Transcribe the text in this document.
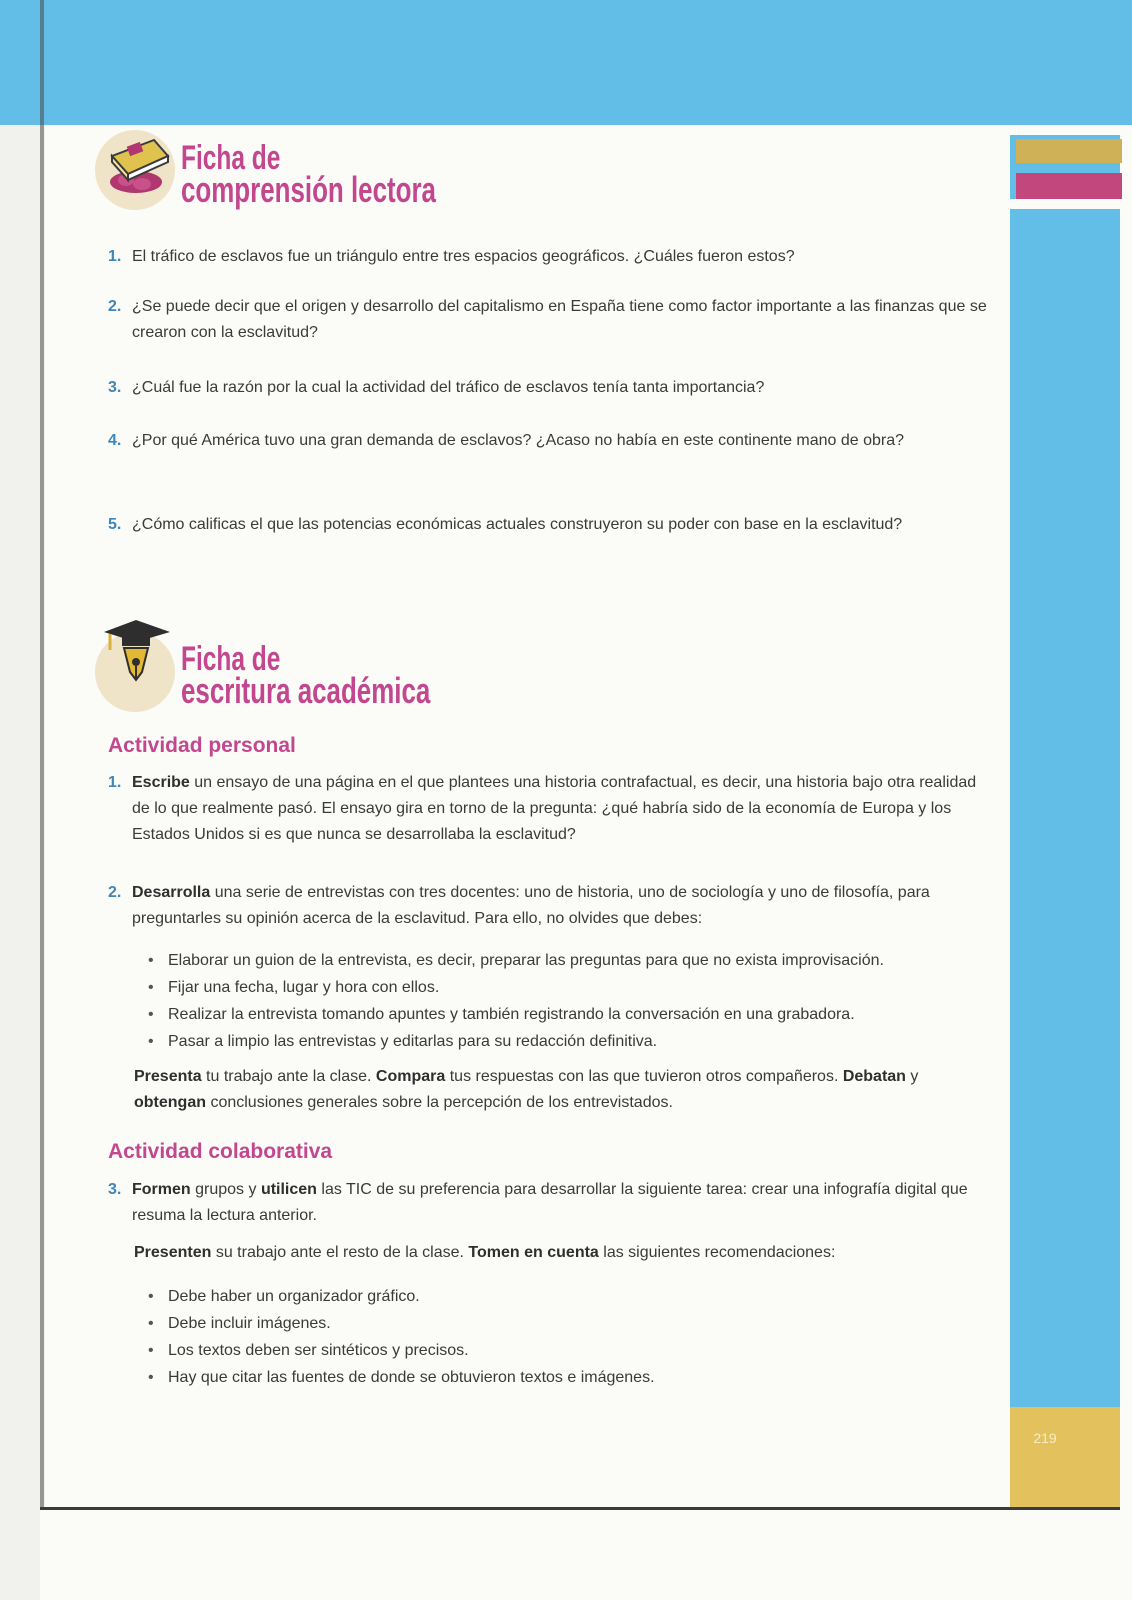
219
Ficha de
comprensión lectora
1. El tráfico de esclavos fue un triángulo entre tres espacios geográficos. ¿Cuáles fueron estos?
2. ¿Se puede decir que el origen y desarrollo del capitalismo en España tiene como factor importante a las finanzas que se crearon con la esclavitud?
3. ¿Cuál fue la razón por la cual la actividad del tráfico de esclavos tenía tanta importancia?
4. ¿Por qué América tuvo una gran demanda de esclavos? ¿Acaso no había en este continente mano de obra?
5. ¿Cómo calificas el que las potencias económicas actuales construyeron su poder con base en la esclavitud?
Ficha de
escritura académica
Actividad personal
1. Escribe un ensayo de una página en el que plantees una historia contrafactual, es decir, una historia bajo otra realidad de lo que realmente pasó. El ensayo gira en torno de la pregunta: ¿qué habría sido de la economía de Europa y los Estados Unidos si es que nunca se desarrollaba la esclavitud?
2. Desarrolla una serie de entrevistas con tres docentes: uno de historia, uno de sociología y uno de filosofía, para preguntarles su opinión acerca de la esclavitud. Para ello, no olvides que debes:
• Elaborar un guion de la entrevista, es decir, preparar las preguntas para que no exista improvisación.
• Fijar una fecha, lugar y hora con ellos.
• Realizar la entrevista tomando apuntes y también registrando la conversación en una grabadora.
• Pasar a limpio las entrevistas y editarlas para su redacción definitiva.
Presenta tu trabajo ante la clase. Compara tus respuestas con las que tuvieron otros compañeros. Debatan y obtengan conclusiones generales sobre la percepción de los entrevistados.
Actividad colaborativa
3. Formen grupos y utilicen las TIC de su preferencia para desarrollar la siguiente tarea: crear una infografía digital que resuma la lectura anterior.
Presenten su trabajo ante el resto de la clase. Tomen en cuenta las siguientes recomendaciones:
• Debe haber un organizador gráfico.
• Debe incluir imágenes.
• Los textos deben ser sintéticos y precisos.
• Hay que citar las fuentes de donde se obtuvieron textos e imágenes.
